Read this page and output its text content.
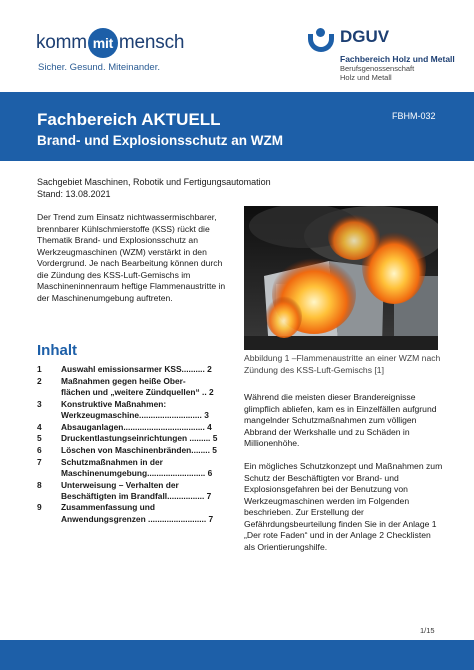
komm mit mensch
Sicher. Gesund. Miteinander.
DGUV
Fachbereich Holz und Metall
Berufsgenossenschaft
Holz und Metall
Fachbereich AKTUELL
Brand- und Explosionsschutz an WZM
FBHM-032
Sachgebiet Maschinen, Robotik und Fertigungsautomation
Stand: 13.08.2021
Der Trend zum Einsatz nichtwassermischbarer, brennbarer Kühlschmierstoffe (KSS) rückt die Thematik Brand- und Explosionsschutz an Werkzeugmaschinen (WZM) verstärkt in den Vordergrund. Je nach Bearbeitung können durch die Zündung des KSS-Luft-Gemischs im Maschineninnenraum heftige Flammenaustritte in der Maschinenumgebung auftreten.
Abbildung 1 –Flammenaustritte an einer WZM nach Zündung des KSS-Luft-Gemischs [1]
Inhalt
1	Auswahl emissionsarmer KSS.......... 2
2	Maßnahmen gegen heiße Ober-
flächen und „weitere Zündquellen“ .. 2
3	Konstruktive Maßnahmen:
Werkzeugmaschine........................... 3
4	Absauganlagen................................... 4
5	Druckentlastungseinrichtungen ......... 5
6	Löschen von Maschinenbränden........ 5
7	Schutzmaßnahmen in der
Maschinenumgebung......................... 6
8	Unterweisung – Verhalten der
Beschäftigten im Brandfall................ 7
9	Zusammenfassung und
Anwendungsgrenzen ......................... 7

Während die meisten dieser Brandereignisse glimpflich abliefen, kam es in Einzelfällen aufgrund mangelnder Schutzmaßnahmen zum völligen Abbrand der Werkshalle und zu Schäden in Millionenhöhe.

Ein mögliches Schutzkonzept und Maßnahmen zum Schutz der Beschäftigten vor Brand- und Explosionsgefahren bei der Benutzung von Werkzeugmaschinen werden im Folgenden beschrieben. Zur Erstellung der Gefährdungsbeurteilung finden Sie in der Anlage 1 „Der rote Faden“ und in der Anlage 2 Checklisten als Orientierungshilfe.

1/15
